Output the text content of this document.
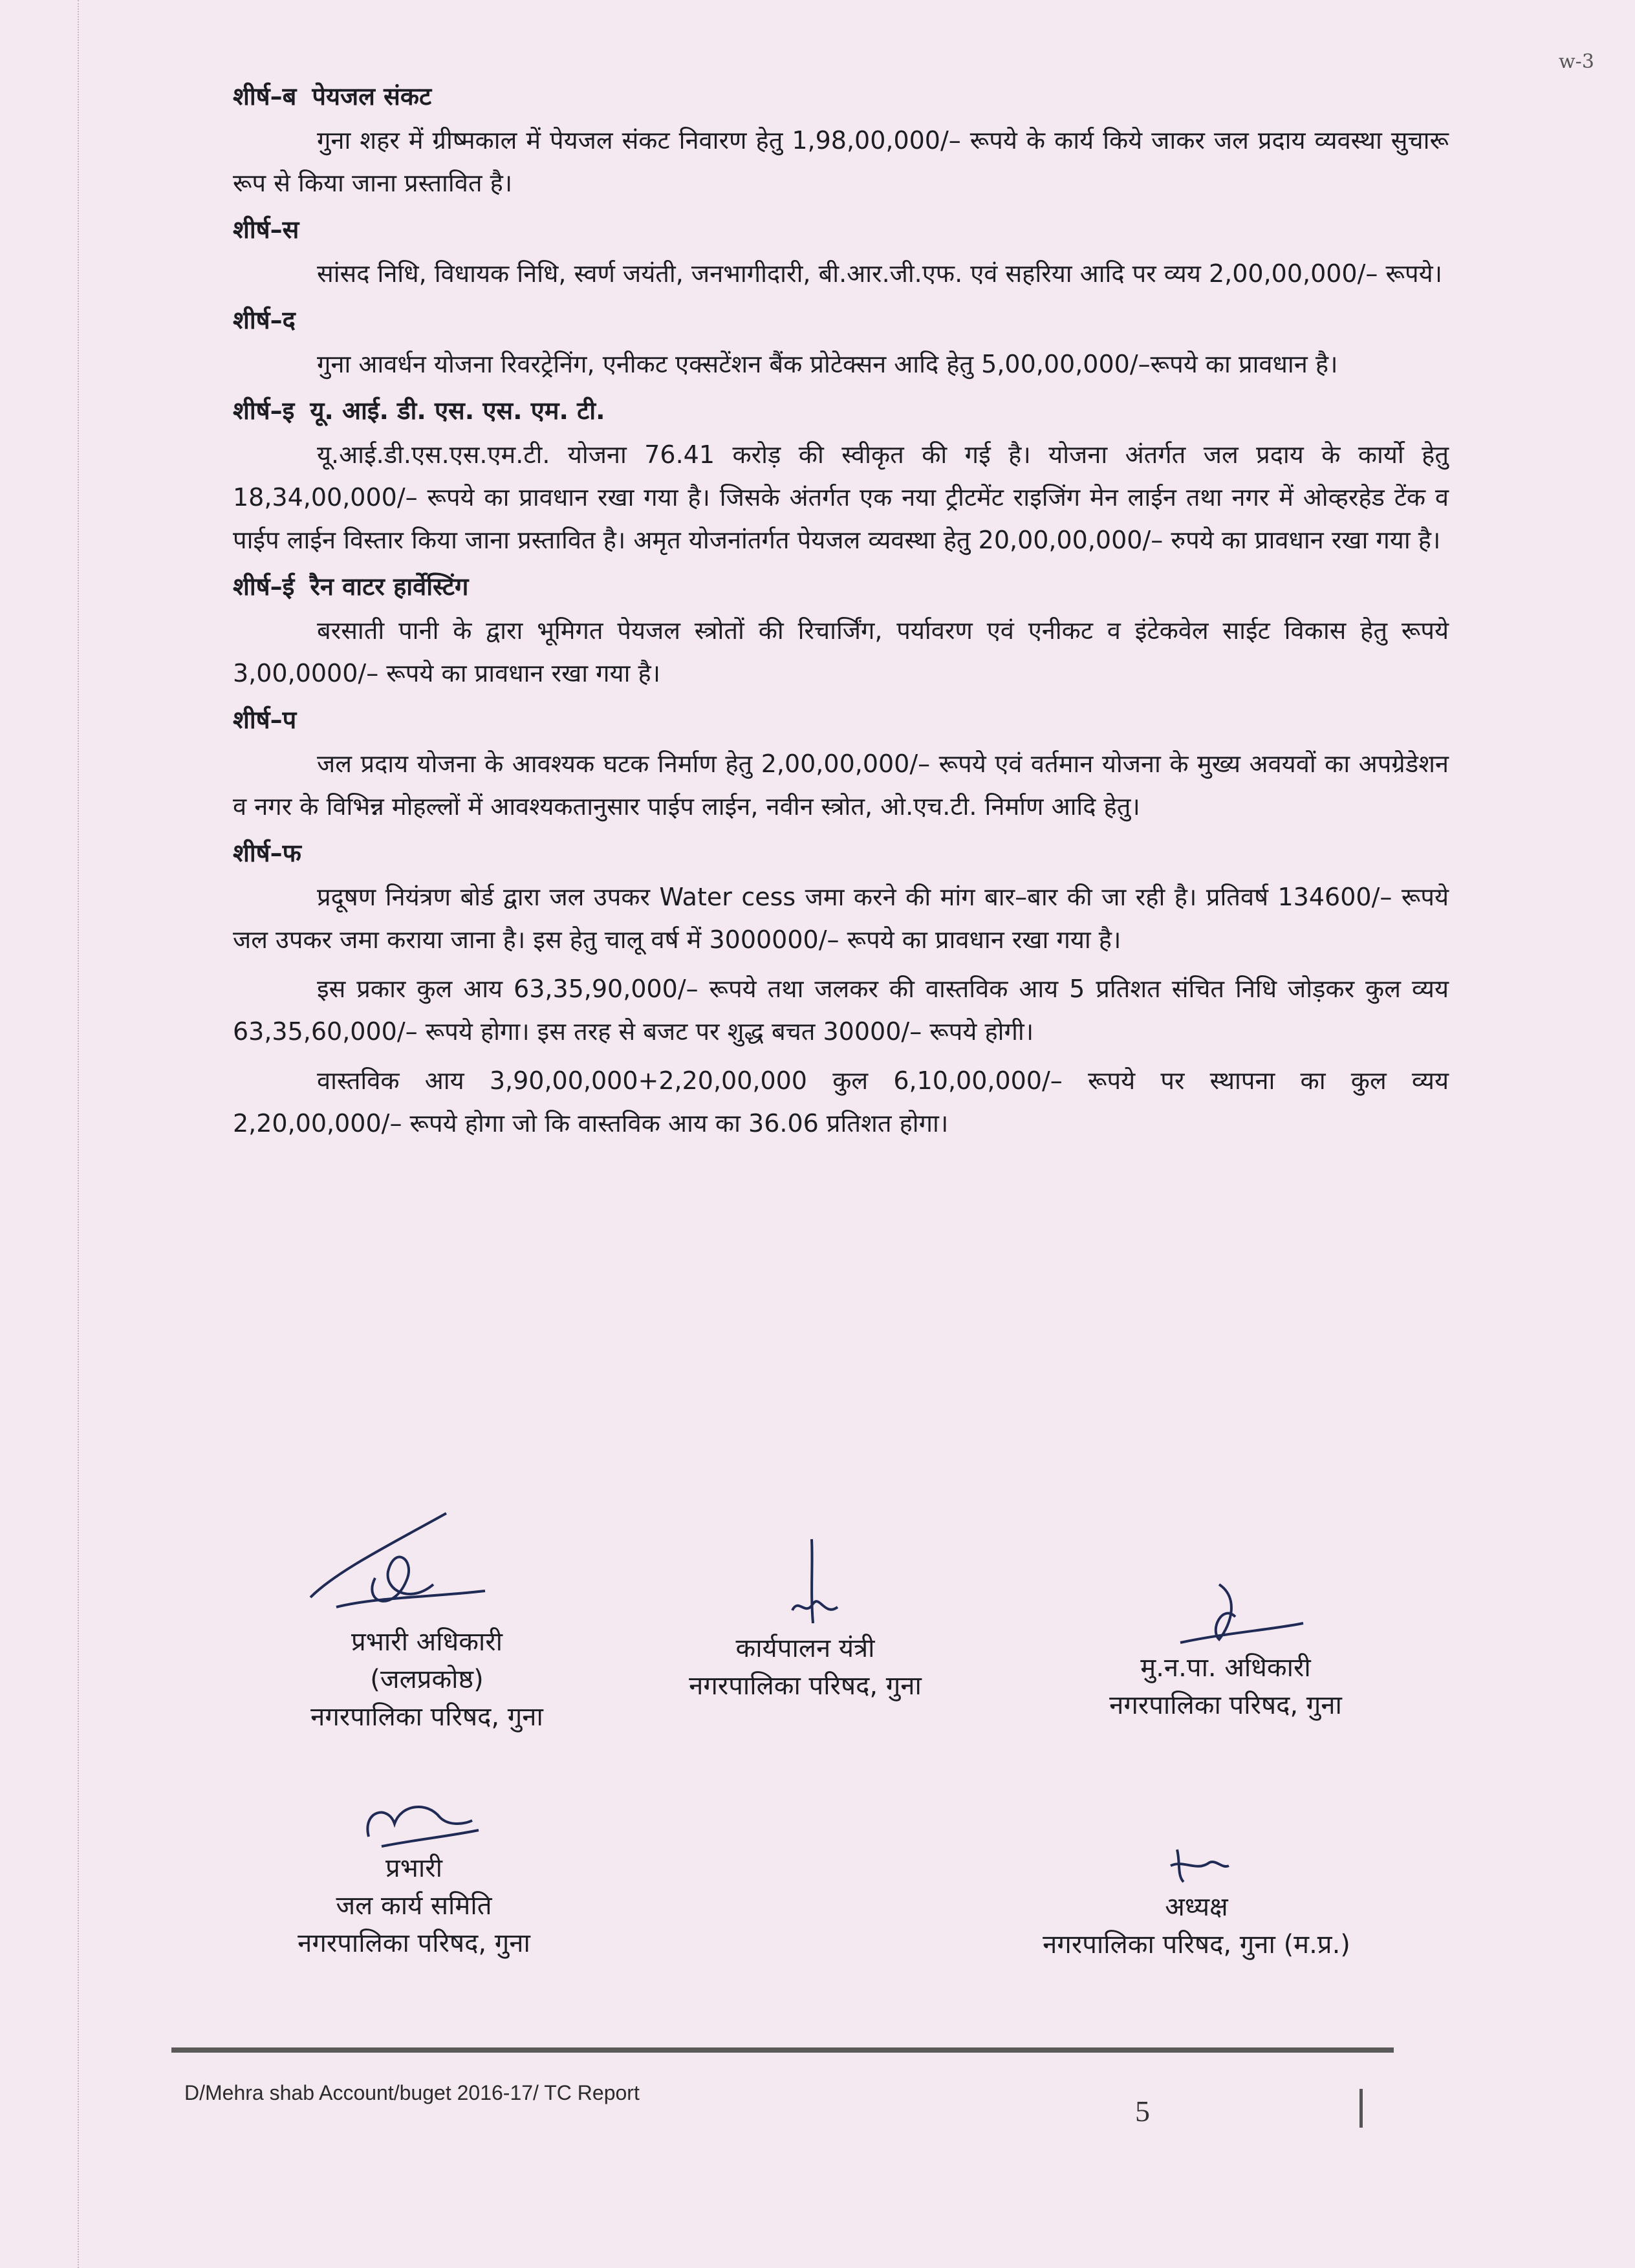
w-3
शीर्ष–ब पेयजल संकट

गुना शहर में ग्रीष्मकाल में पेयजल संकट निवारण हेतु 1,98,00,000/– रूपये के कार्य किये जाकर जल प्रदाय व्यवस्था सुचारू रूप से किया जाना प्रस्तावित है।

शीर्ष–स

सांसद निधि, विधायक निधि, स्वर्ण जयंती, जनभागीदारी, बी.आर.जी.एफ. एवं सहरिया आदि पर व्यय 2,00,00,000/– रूपये।

शीर्ष–द

गुना आवर्धन योजना रिवरट्रेनिंग, एनीकट एक्सटेंशन बैंक प्रोटेक्सन आदि हेतु 5,00,00,000/–रूपये का प्रावधान है।

शीर्ष–इ यू. आई. डी. एस. एस. एम. टी.

यू.आई.डी.एस.एस.एम.टी. योजना 76.41 करोड़ की स्वीकृत की गई है। योजना अंतर्गत जल प्रदाय के कार्यो हेतु 18,34,00,000/– रूपये का प्रावधान रखा गया है। जिसके अंतर्गत एक नया ट्रीटमेंट राइजिंग मेन लाईन तथा नगर में ओव्हरहेड टेंक व पाईप लाईन विस्तार किया जाना प्रस्तावित है। अमृत योजनांतर्गत पेयजल व्यवस्था हेतु 20,00,00,000/– रुपये का प्रावधान रखा गया है।

शीर्ष–ई रैन वाटर हार्वेस्टिंग

बरसाती पानी के द्वारा भूमिगत पेयजल स्त्रोतों की रिचार्जिंग, पर्यावरण एवं एनीकट व इंटेकवेल साईट विकास हेतु रूपये 3,00,0000/– रूपये का प्रावधान रखा गया है।

शीर्ष–प

जल प्रदाय योजना के आवश्यक घटक निर्माण हेतु 2,00,00,000/– रूपये एवं वर्तमान योजना के मुख्य अवयवों का अपग्रेडेशन व नगर के विभिन्न मोहल्लों में आवश्यकतानुसार पाईप लाईन, नवीन स्त्रोत, ओ.एच.टी. निर्माण आदि हेतु।

शीर्ष–फ

प्रदूषण नियंत्रण बोर्ड द्वारा जल उपकर Water cess जमा करने की मांग बार–बार की जा रही है। प्रतिवर्ष 134600/– रूपये जल उपकर जमा कराया जाना है। इस हेतु चालू वर्ष में 3000000/– रूपये का प्रावधान रखा गया है।

इस प्रकार कुल आय 63,35,90,000/– रूपये तथा जलकर की वास्तविक आय 5 प्रतिशत संचित निधि जोड़कर कुल व्यय 63,35,60,000/– रूपये होगा। इस तरह से बजट पर शुद्ध बचत 30000/– रूपये होगी।

वास्तविक आय 3,90,00,000+2,20,00,000 कुल 6,10,00,000/– रूपये पर स्थापना का कुल व्यय 2,20,00,000/– रूपये होगा जो कि वास्तविक आय का 36.06 प्रतिशत होगा।

प्रभारी अधिकारी
(जलप्रकोष्ठ)
नगरपालिका परिषद, गुना
कार्यपालन यंत्री
नगरपालिका परिषद, गुना
मु.न.पा. अधिकारी
नगरपालिका परिषद, गुना
प्रभारी
जल कार्य समिति
नगरपालिका परिषद, गुना
अध्यक्ष
नगरपालिका परिषद, गुना (म.प्र.)
D/Mehra shab Account/buget 2016-17/ TC Report
5
